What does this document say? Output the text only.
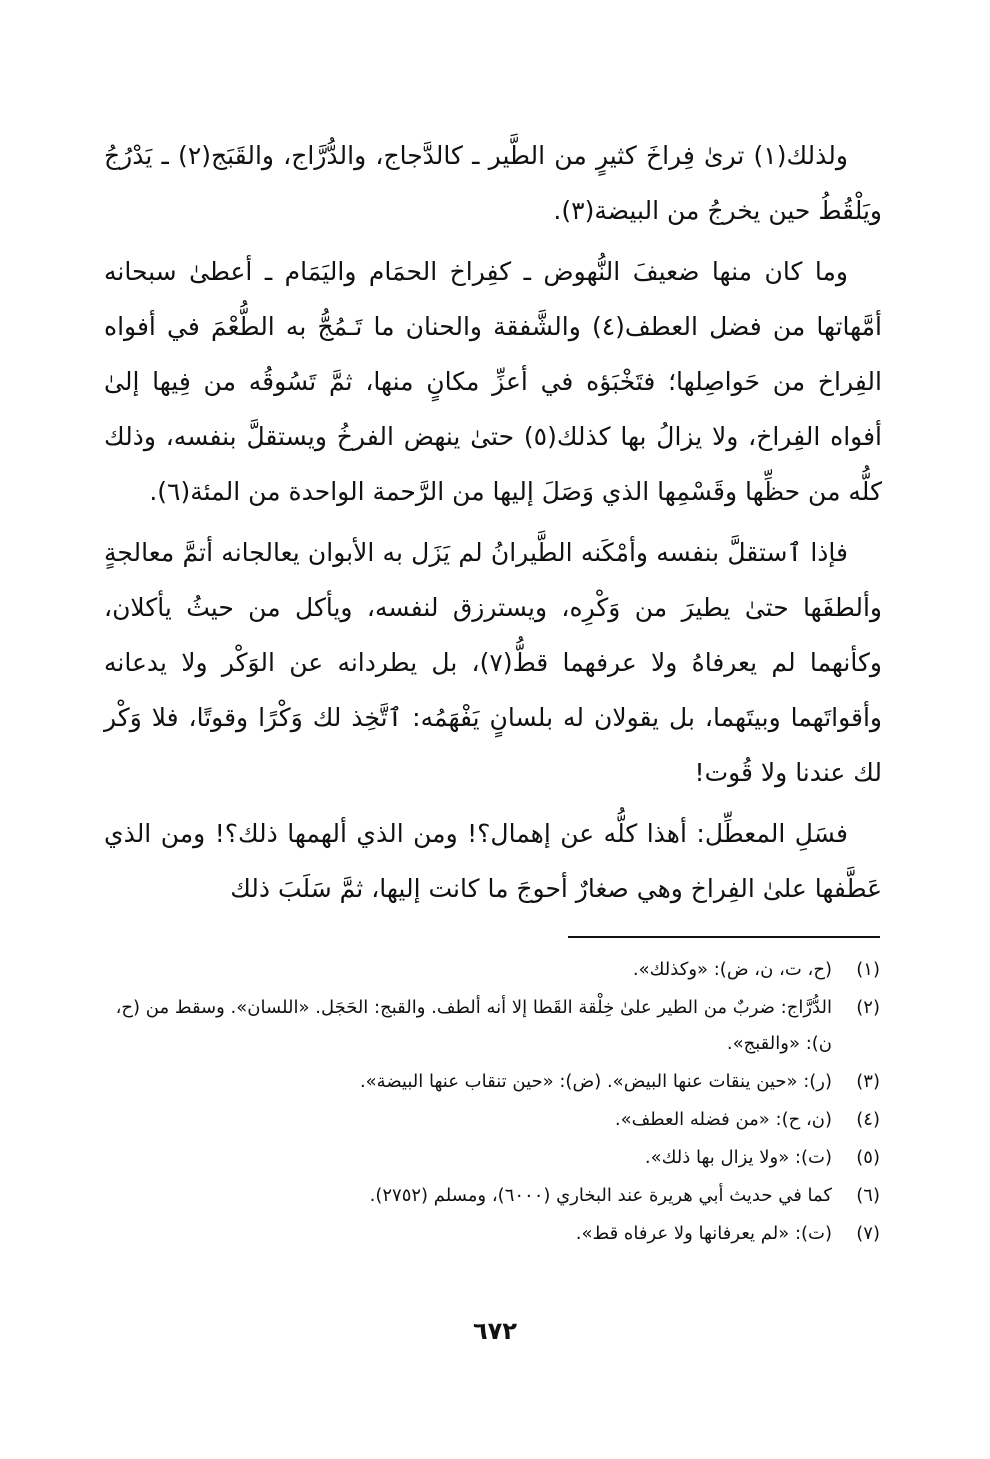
ولذلك(١) ترىٰ فِراخَ كثيرٍ من الطَّير ـ كالدَّجاج، والدُّرَّاج، والقَبَج(٢) ـ يَدْرُجُ ويَلْقُطُ حين يخرجُ من البيضة(٣).

وما كان منها ضعيفَ النُّهوض ـ كفِراخ الحمَام واليَمَام ـ أعطىٰ سبحانه أمَّهاتها من فضل العطف(٤) والشَّفقة والحنان ما تَـمُجُّ به الطُّعْمَ في أفواه الفِراخ من حَواصِلها؛ فتَخْبَؤه في أعزِّ مكانٍ منها، ثمَّ تَسُوقُه من فِيها إلىٰ أفواه الفِراخ، ولا يزالُ بها كذلك(٥) حتىٰ ينهض الفرخُ ويستقلَّ بنفسه، وذلك كلُّه من حظِّها وقَسْمِها الذي وَصَلَ إليها من الرَّحمة الواحدة من المئة(٦).

فإذا ٱستقلَّ بنفسه وأمْكَنه الطَّيرانُ لم يَزَل به الأبوان يعالجانه أتمَّ معالجةٍ وألطفَها حتىٰ يطيرَ من وَكْرِه، ويسترزق لنفسه، ويأكل من حيثُ يأكلان، وكأنهما لم يعرفاهُ ولا عرفهما قطُّ(٧)، بل يطردانه عن الوَكْر ولا يدعانه وأقواتَهما وبيتَهما، بل يقولان له بلسانٍ يَفْهَمُه: ٱتَّخِذ لك وَكْرًا وقوتًا، فلا وَكْر لك عندنا ولا قُوت!

فسَلِ المعطِّل: أهذا كلُّه عن إهمال؟! ومن الذي ألهمها ذلك؟! ومن الذي عَطَّفها علىٰ الفِراخ وهي صغارٌ أحوجَ ما كانت إليها، ثمَّ سَلَبَ ذلك

(١)
(ح، ت، ن، ض): «وكذلك».
(٢)
الدُّرَّاج: ضربٌ من الطير علىٰ خِلْقة القَطا إلا أنه ألطف. والقبج: الحَجَل. «اللسان». وسقط من (ح، ن): «والقبج».
(٣)
(ر): «حين ينقات عنها البيض». (ض): «حين تنقاب عنها البيضة».
(٤)
(ن، ح): «من فضله العطف».
(٥)
(ت): «ولا يزال بها ذلك».
(٦)
كما في حديث أبي هريرة عند البخاري (٦٠٠٠)، ومسلم (٢٧٥٢).
(٧)
(ت): «لم يعرفانها ولا عرفاه قط».
٦٧٢
